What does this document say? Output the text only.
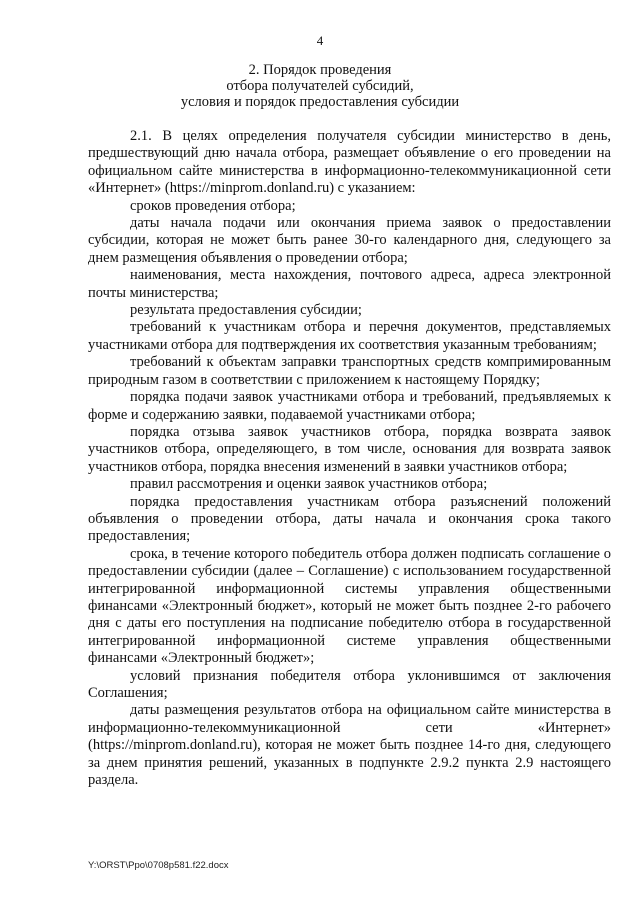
4
2. Порядок проведения
отбора получателей субсидий,
условия и порядок предоставления субсидии

2.1. В целях определения получателя субсидии министерство в день, предшествующий дню начала отбора, размещает объявление о его проведении на официальном сайте министерства в информационно-телекоммуникационной сети «Интернет» (https://minprom.donland.ru) с указанием:

сроков проведения отбора;

даты начала подачи или окончания приема заявок о предоставлении субсидии, которая не может быть ранее 30-го календарного дня, следующего за днем размещения объявления о проведении отбора;

наименования, места нахождения, почтового адреса, адреса электронной почты министерства;

результата предоставления субсидии;

требований к участникам отбора и перечня документов, представляемых участниками отбора для подтверждения их соответствия указанным требованиям;

требований к объектам заправки транспортных средств компримированным природным газом в соответствии с приложением к настоящему Порядку;

порядка подачи заявок участниками отбора и требований, предъявляемых к форме и содержанию заявки, подаваемой участниками отбора;

порядка отзыва заявок участников отбора, порядка возврата заявок участников отбора, определяющего, в том числе, основания для возврата заявок участников отбора, порядка внесения изменений в заявки участников отбора;

правил рассмотрения и оценки заявок участников отбора;

порядка предоставления участникам отбора разъяснений положений объявления о проведении отбора, даты начала и окончания срока такого предоставления;

срока, в течение которого победитель отбора должен подписать соглашение о предоставлении субсидии (далее – Соглашение) с использованием государственной интегрированной информационной системы управления общественными финансами «Электронный бюджет», который не может быть позднее 2-го рабочего дня с даты его поступления на подписание победителю отбора в государственной интегрированной информационной системе управления общественными финансами «Электронный бюджет»;

условий признания победителя отбора уклонившимся от заключения Соглашения;

даты размещения результатов отбора на официальном сайте министерства в информационно-телекоммуникационной сети «Интернет» (https://minprom.donland.ru), которая не может быть позднее 14-го дня, следующего за днем принятия решений, указанных в подпункте 2.9.2 пункта 2.9 настоящего раздела.

Y:\ORST\Ppo\0708p581.f22.docx
